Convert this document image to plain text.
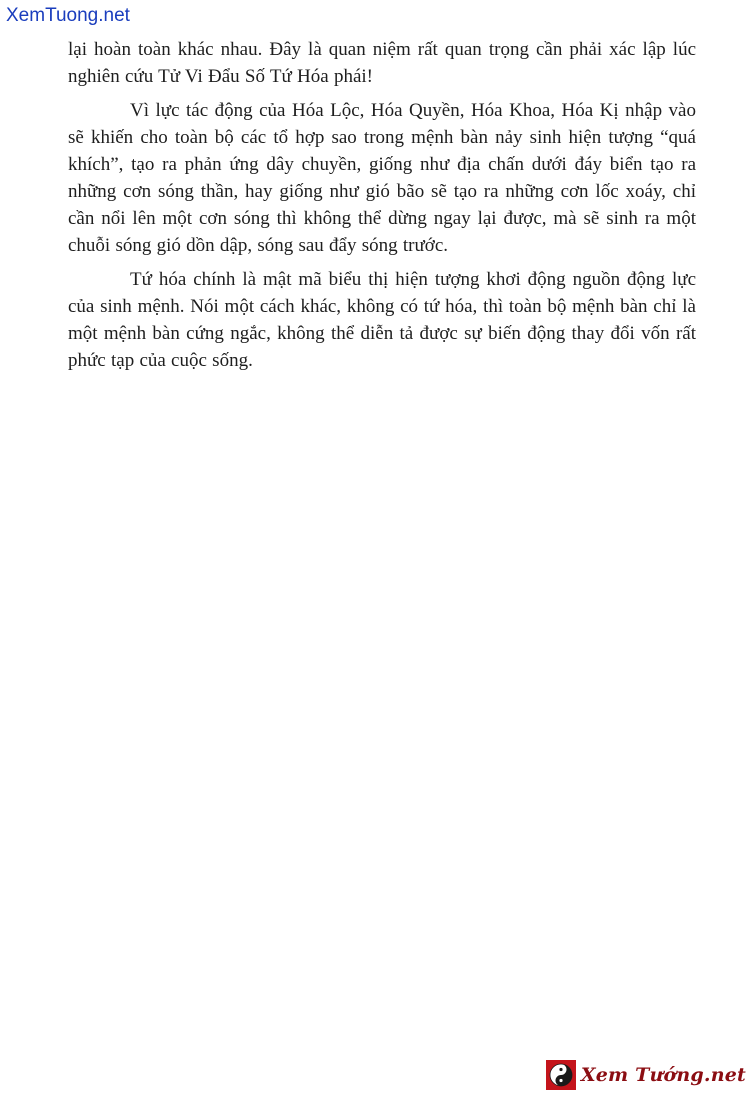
XemTuong.net

lại hoàn toàn khác nhau. Đây là quan niệm rất quan trọng cần phải xác lập lúc nghiên cứu Tử Vi Đẩu Số Tứ Hóa phái!

Vì lực tác động của Hóa Lộc, Hóa Quyền, Hóa Khoa, Hóa Kị nhập vào sẽ khiến cho toàn bộ các tổ hợp sao trong mệnh bàn nảy sinh hiện tượng “quá khích”, tạo ra phản ứng dây chuyền, giống như địa chấn dưới đáy biển tạo ra những cơn sóng thần, hay giống như gió bão sẽ tạo ra những cơn lốc xoáy, chỉ cần nổi lên một cơn sóng thì không thể dừng ngay lại được, mà sẽ sinh ra một chuỗi sóng gió dồn dập, sóng sau đẩy sóng trước.

Tứ hóa chính là mật mã biểu thị hiện tượng khơi động nguồn động lực của sinh mệnh. Nói một cách khác, không có tứ hóa, thì toàn bộ mệnh bàn chỉ là một mệnh bàn cứng ngắc, không thể diễn tả được sự biến động thay đổi vốn rất phức tạp của cuộc sống.

Xem Tướng.net
